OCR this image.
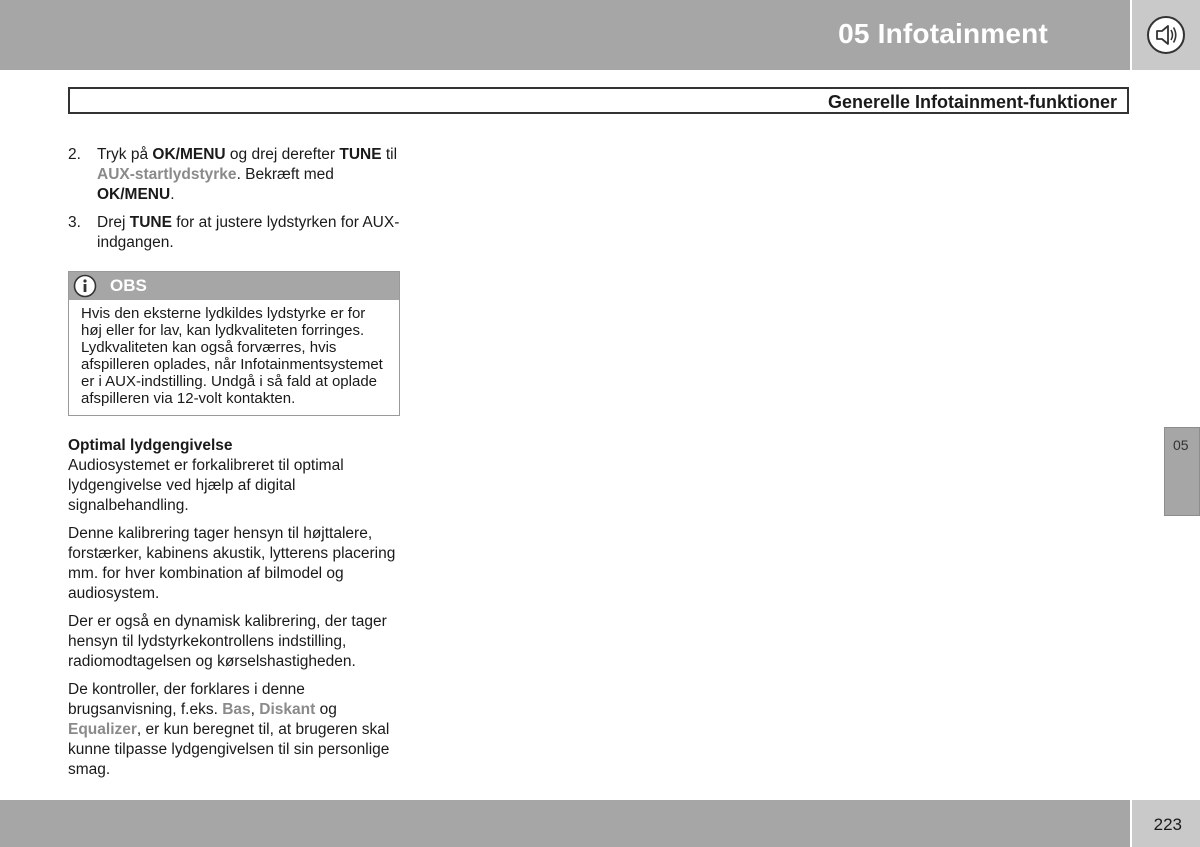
05 Infotainment
Generelle Infotainment-funktioner
2.	Tryk på OK/MENU og drej derefter TUNE til AUX-startlydstyrke. Bekræft med OK/MENU.
3.	Drej TUNE for at justere lydstyrken for AUX-indgangen.
OBS
Hvis den eksterne lydkildes lydstyrke er for høj eller for lav, kan lydkvaliteten forringes. Lydkvaliteten kan også forværres, hvis afspilleren oplades, når Infotainmentsystemet er i AUX-indstilling. Undgå i så fald at oplade afspilleren via 12-volt kontakten.
Optimal lydgengivelse
Audiosystemet er forkalibreret til optimal lydgengivelse ved hjælp af digital signalbehandling.
Denne kalibrering tager hensyn til højttalere, forstærker, kabinens akustik, lytterens placering mm. for hver kombination af bilmodel og audiosystem.
Der er også en dynamisk kalibrering, der tager hensyn til lydstyrkekontrollens indstilling, radiomodtagelsen og kørselshastigheden.
De kontroller, der forklares i denne brugsanvisning, f.eks. Bas, Diskant og Equalizer, er kun beregnet til, at brugeren skal kunne tilpasse lydgengivelsen til sin personlige smag.
05
223
